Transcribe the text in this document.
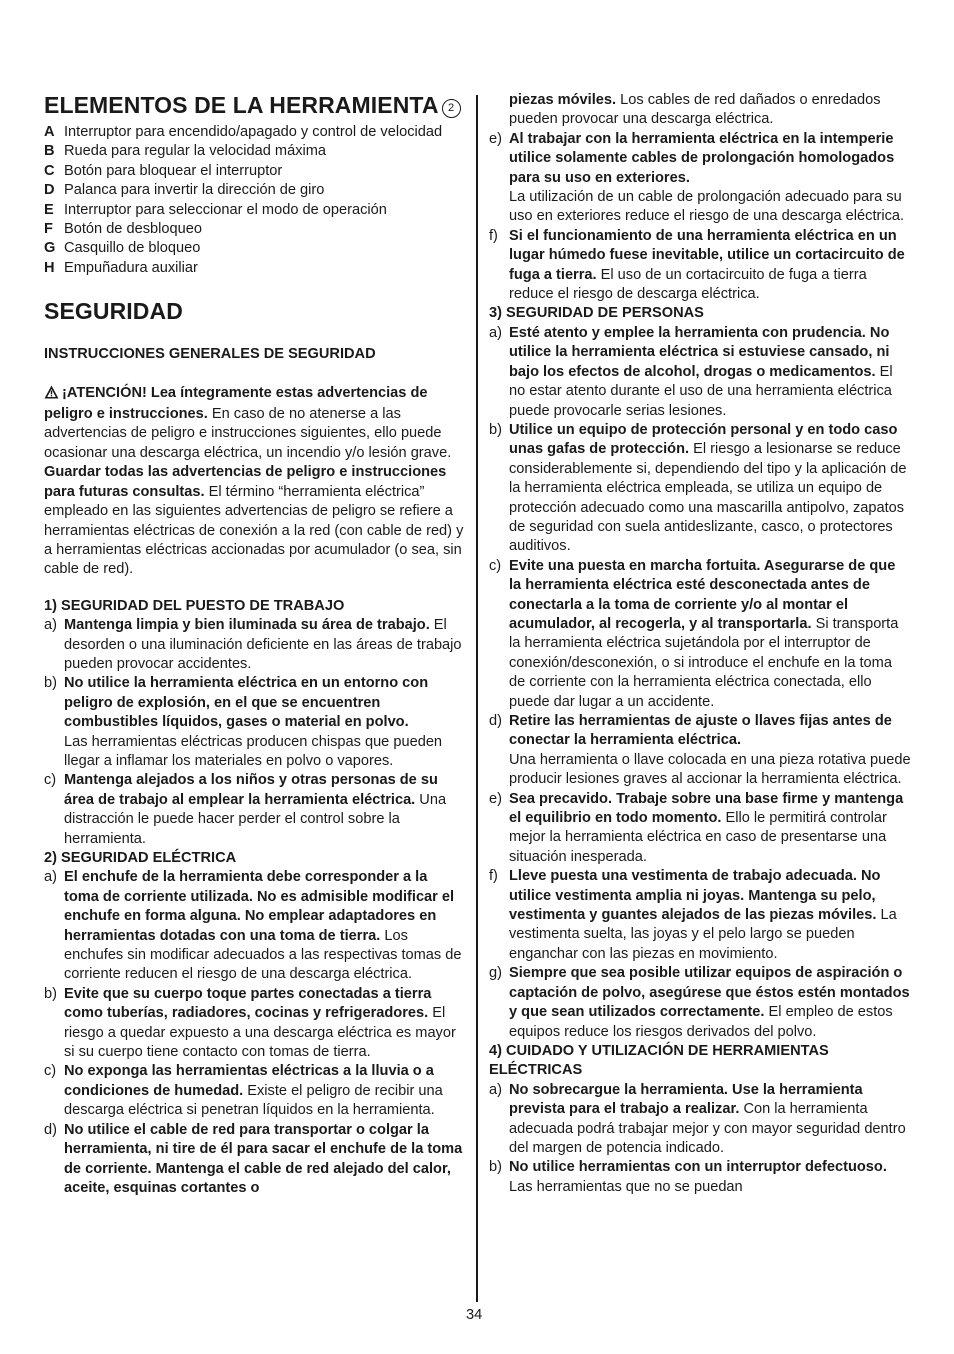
ELEMENTOS DE LA HERRAMIENTA 2
A Interruptor para encendido/apagado y control de velocidad
B Rueda para regular la velocidad máxima
C Botón para bloquear el interruptor
D Palanca para invertir la dirección de giro
E Interruptor para seleccionar el modo de operación
F Botón de desbloqueo
G Casquillo de bloqueo
H Empuñadura auxiliar
SEGURIDAD

INSTRUCCIONES GENERALES DE SEGURIDAD

¡ATENCIÓN! Lea íntegramente estas advertencias de peligro e instrucciones. En caso de no atenerse a las advertencias de peligro e instrucciones siguientes, ello puede ocasionar una descarga eléctrica, un incendio y/o lesión grave. Guardar todas las advertencias de peligro e instrucciones para futuras consultas. El término “herramienta eléctrica” empleado en las siguientes advertencias de peligro se refiere a herramientas eléctricas de conexión a la red (con cable de red) y a herramientas eléctricas accionadas por acumulador (o sea, sin cable de red).

1) SEGURIDAD DEL PUESTO DE TRABAJO

a) Mantenga limpia y bien iluminada su área de trabajo. El desorden o una iluminación deficiente en las áreas de trabajo pueden provocar accidentes.
b) No utilice la herramienta eléctrica en un entorno con peligro de explosión, en el que se encuentren combustibles líquidos, gases o material en polvo.
Las herramientas eléctricas producen chispas que pueden llegar a inflamar los materiales en polvo o vapores.
c) Mantenga alejados a los niños y otras personas de su área de trabajo al emplear la herramienta eléctrica. Una distracción le puede hacer perder el control sobre la herramienta.

2) SEGURIDAD ELÉCTRICA

a) El enchufe de la herramienta debe corresponder a la toma de corriente utilizada. No es admisible modificar el enchufe en forma alguna. No emplear adaptadores en herramientas dotadas con una toma de tierra. Los enchufes sin modificar adecuados a las respectivas tomas de corriente reducen el riesgo de una descarga eléctrica.
b) Evite que su cuerpo toque partes conectadas a tierra como tuberías, radiadores, cocinas y refrigeradores. El riesgo a quedar expuesto a una descarga eléctrica es mayor si su cuerpo tiene contacto con tomas de tierra.
c) No exponga las herramientas eléctricas a la lluvia o a condiciones de humedad. Existe el peligro de recibir una descarga eléctrica si penetran líquidos en la herramienta.
d) No utilice el cable de red para transportar o colgar la herramienta, ni tire de él para sacar el enchufe de la toma de corriente. Mantenga el cable de red alejado del calor, aceite, esquinas cortantes o
piezas móviles. Los cables de red dañados o enredados pueden provocar una descarga eléctrica.
e) Al trabajar con la herramienta eléctrica en la intemperie utilice solamente cables de prolongación homologados para su uso en exteriores.
La utilización de un cable de prolongación adecuado para su uso en exteriores reduce el riesgo de una descarga eléctrica.
f) Si el funcionamiento de una herramienta eléctrica en un lugar húmedo fuese inevitable, utilice un cortacircuito de fuga a tierra. El uso de un cortacircuito de fuga a tierra reduce el riesgo de descarga eléctrica.

3) SEGURIDAD DE PERSONAS

a) Esté atento y emplee la herramienta con prudencia. No utilice la herramienta eléctrica si estuviese cansado, ni bajo los efectos de alcohol, drogas o medicamentos. El no estar atento durante el uso de una herramienta eléctrica puede provocarle serias lesiones.
b) Utilice un equipo de protección personal y en todo caso unas gafas de protección. El riesgo a lesionarse se reduce considerablemente si, dependiendo del tipo y la aplicación de la herramienta eléctrica empleada, se utiliza un equipo de protección adecuado como una mascarilla antipolvo, zapatos de seguridad con suela antideslizante, casco, o protectores auditivos.
c) Evite una puesta en marcha fortuita. Asegurarse de que la herramienta eléctrica esté desconectada antes de conectarla a la toma de corriente y/o al montar el acumulador, al recogerla, y al transportarla. Si transporta la herramienta eléctrica sujetándola por el interruptor de conexión/desconexión, o si introduce el enchufe en la toma de corriente con la herramienta eléctrica conectada, ello puede dar lugar a un accidente.
d) Retire las herramientas de ajuste o llaves fijas antes de conectar la herramienta eléctrica.
Una herramienta o llave colocada en una pieza rotativa puede producir lesiones graves al accionar la herramienta eléctrica.
e) Sea precavido. Trabaje sobre una base firme y mantenga el equilibrio en todo momento. Ello le permitirá controlar mejor la herramienta eléctrica en caso de presentarse una situación inesperada.
f) Lleve puesta una vestimenta de trabajo adecuada. No utilice vestimenta amplia ni joyas. Mantenga su pelo, vestimenta y guantes alejados de las piezas móviles. La vestimenta suelta, las joyas y el pelo largo se pueden enganchar con las piezas en movimiento.
g) Siempre que sea posible utilizar equipos de aspiración o captación de polvo, asegúrese que éstos estén montados y que sean utilizados correctamente. El empleo de estos equipos reduce los riesgos derivados del polvo.

4) CUIDADO Y UTILIZACIÓN DE HERRAMIENTAS ELÉCTRICAS

a) No sobrecargue la herramienta. Use la herramienta prevista para el trabajo a realizar. Con la herramienta adecuada podrá trabajar mejor y con mayor seguridad dentro del margen de potencia indicado.
b) No utilice herramientas con un interruptor defectuoso. Las herramientas que no se puedan
34
